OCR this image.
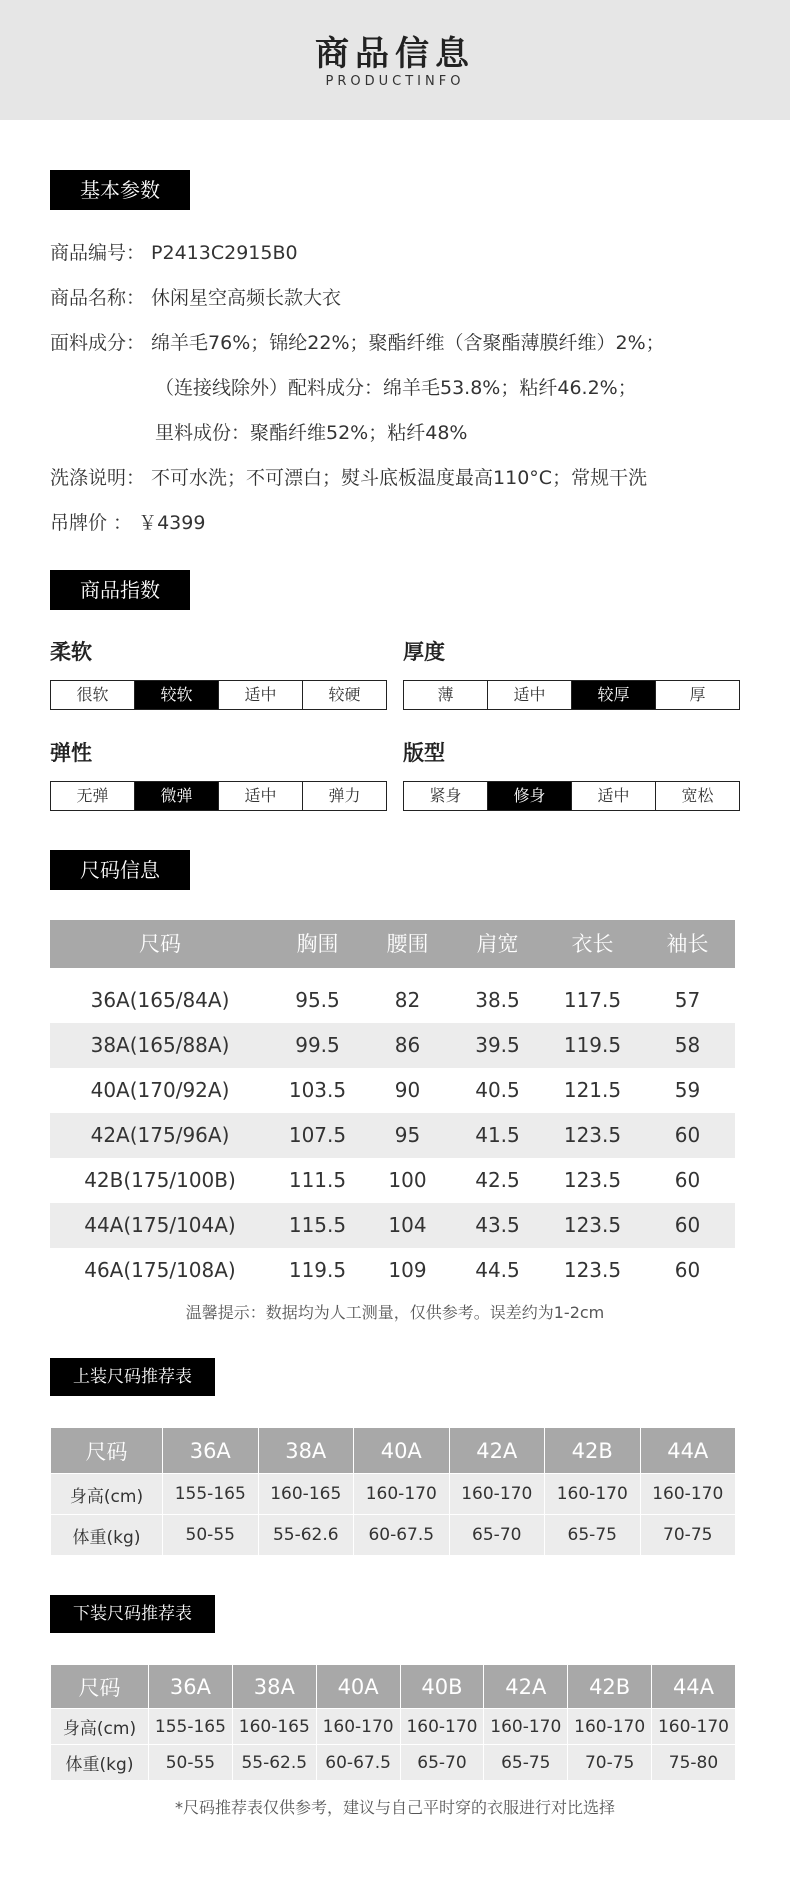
商品信息
PRODUCTINFO
基本参数
商品编号： P2413C2915B0
商品名称： 休闲星空高频长款大衣
面料成分： 绵羊毛76%；锦纶22%；聚酯纤维（含聚酯薄膜纤维）2%；
（连接线除外）配料成分：绵羊毛53.8%；粘纤46.2%；
里料成份：聚酯纤维52%；粘纤48%
洗涤说明： 不可水洗；不可漂白；熨斗底板温度最高110°C；常规干洗
吊牌价 ： ￥4399
商品指数
柔软
很软	较软	适中	较硬
厚度
薄	适中	较厚	厚
弹性
无弹	微弹	适中	弹力
版型
紧身	修身	适中	宽松
尺码信息
尺码	胸围	腰围	肩宽	衣长	袖长
36A(165/84A)	95.5	82	38.5	117.5	57
38A(165/88A)	99.5	86	39.5	119.5	58
40A(170/92A)	103.5	90	40.5	121.5	59
42A(175/96A)	107.5	95	41.5	123.5	60
42B(175/100B)	111.5	100	42.5	123.5	60
44A(175/104A)	115.5	104	43.5	123.5	60
46A(175/108A)	119.5	109	44.5	123.5	60
温馨提示：数据均为人工测量，仅供参考。误差约为1-2cm
上装尺码推荐表
尺码	36A	38A	40A	42A	42B	44A
身高(cm)	155-165	160-165	160-170	160-170	160-170	160-170
体重(kg)	50-55	55-62.6	60-67.5	65-70	65-75	70-75
下装尺码推荐表
尺码	36A	38A	40A	40B	42A	42B	44A
身高(cm)	155-165	160-165	160-170	160-170	160-170	160-170	160-170
体重(kg)	50-55	55-62.5	60-67.5	65-70	65-75	70-75	75-80
*尺码推荐表仅供参考，建议与自己平时穿的衣服进行对比选择
